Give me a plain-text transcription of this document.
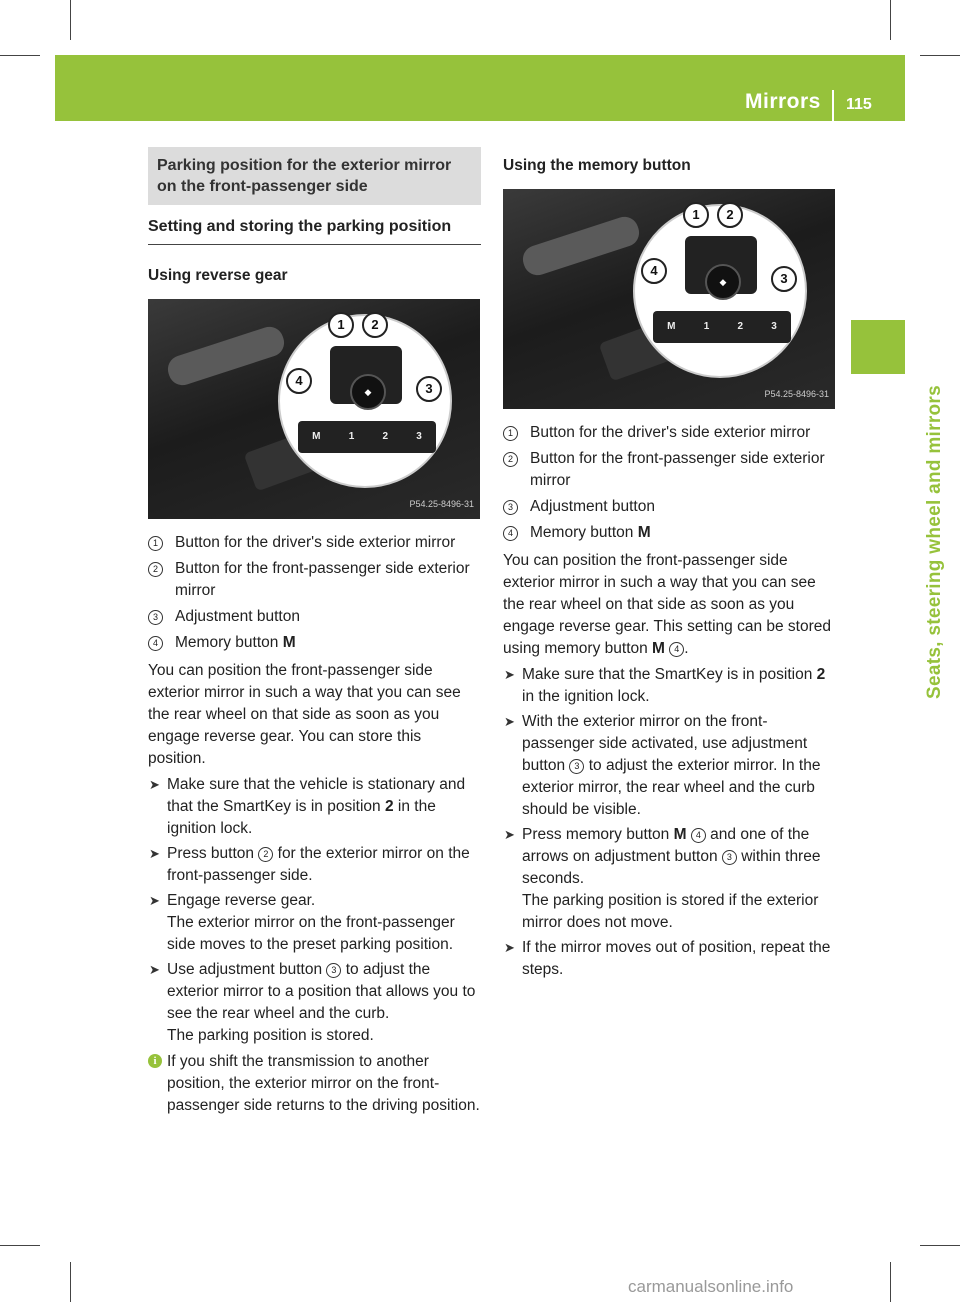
Mirrors 115
Seats, steering wheel and mirrors
Parking position for the exterior mirror on the front-passenger side
Setting and storing the parking position
Using reverse gear
◆
M	1	2	3
1	2
3
4
P54.25-8496-31
1	Button for the driver's side exterior mirror
2	Button for the front-passenger side exterior mirror
3	Adjustment button
4	Memory button M

You can position the front-passenger side exterior mirror in such a way that you can see the rear wheel on that side as soon as you engage reverse gear. You can store this position.

➤ Make sure that the vehicle is stationary and that the SmartKey is in position 2 in the ignition lock.
➤ Press button 2 for the exterior mirror on the front-passenger side.
➤ Engage reverse gear.
The exterior mirror on the front-passenger side moves to the preset parking position.
➤ Use adjustment button 3 to adjust the exterior mirror to a position that allows you to see the rear wheel and the curb.
The parking position is stored.
i If you shift the transmission to another position, the exterior mirror on the front-passenger side returns to the driving position.
Using the memory button
◆
M	1	2	3
1	2
3
4
P54.25-8496-31
1	Button for the driver's side exterior mirror
2	Button for the front-passenger side exterior mirror
3	Adjustment button
4	Memory button M

You can position the front-passenger side exterior mirror in such a way that you can see the rear wheel on that side as soon as you engage reverse gear. This setting can be stored using memory button M 4 .

➤ Make sure that the SmartKey is in position 2 in the ignition lock.
➤ With the exterior mirror on the front-passenger side activated, use adjustment button 3 to adjust the exterior mirror. In the exterior mirror, the rear wheel and the curb should be visible.
➤ Press memory button M 4 and one of the arrows on adjustment button 3 within three seconds.
The parking position is stored if the exterior mirror does not move.
➤ If the mirror moves out of position, repeat the steps.
carmanualsonline.info
